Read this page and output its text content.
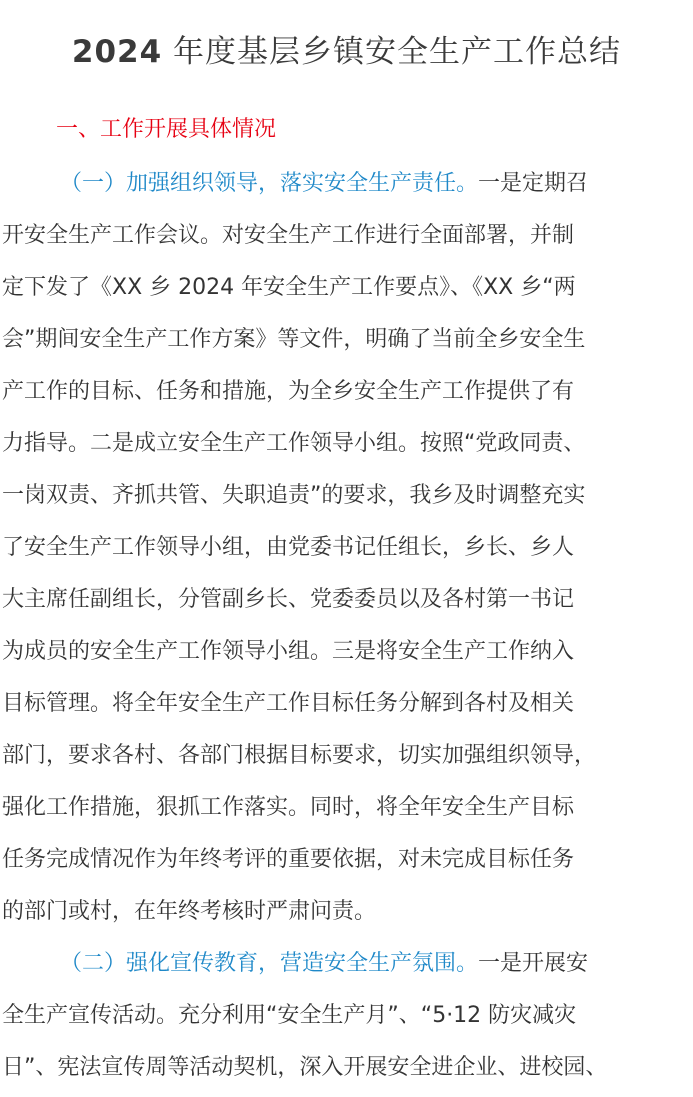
2024 年度基层乡镇安全生产工作总结
一、工作开展具体情况
（一）加强组织领导，落实安全生产责任。一是定期召
开安全生产工作会议。对安全生产工作进行全面部署，并制
定下发了《XX 乡 2024 年安全生产工作要点》、《XX 乡“两
会”期间安全生产工作方案》等文件，明确了当前全乡安全生
产工作的目标、任务和措施，为全乡安全生产工作提供了有
力指导。二是成立安全生产工作领导小组。按照“党政同责、
一岗双责、齐抓共管、失职追责”的要求，我乡及时调整充实
了安全生产工作领导小组，由党委书记任组长，乡长、乡人
大主席任副组长，分管副乡长、党委委员以及各村第一书记
为成员的安全生产工作领导小组。三是将安全生产工作纳入
目标管理。将全年安全生产工作目标任务分解到各村及相关
部门，要求各村、各部门根据目标要求，切实加强组织领导，
强化工作措施，狠抓工作落实。同时，将全年安全生产目标
任务完成情况作为年终考评的重要依据，对未完成目标任务
的部门或村，在年终考核时严肃问责。
（二）强化宣传教育，营造安全生产氛围。一是开展安
全生产宣传活动。充分利用“安全生产月”、“5·12 防灾减灾
日”、宪法宣传周等活动契机，深入开展安全进企业、进校园、
